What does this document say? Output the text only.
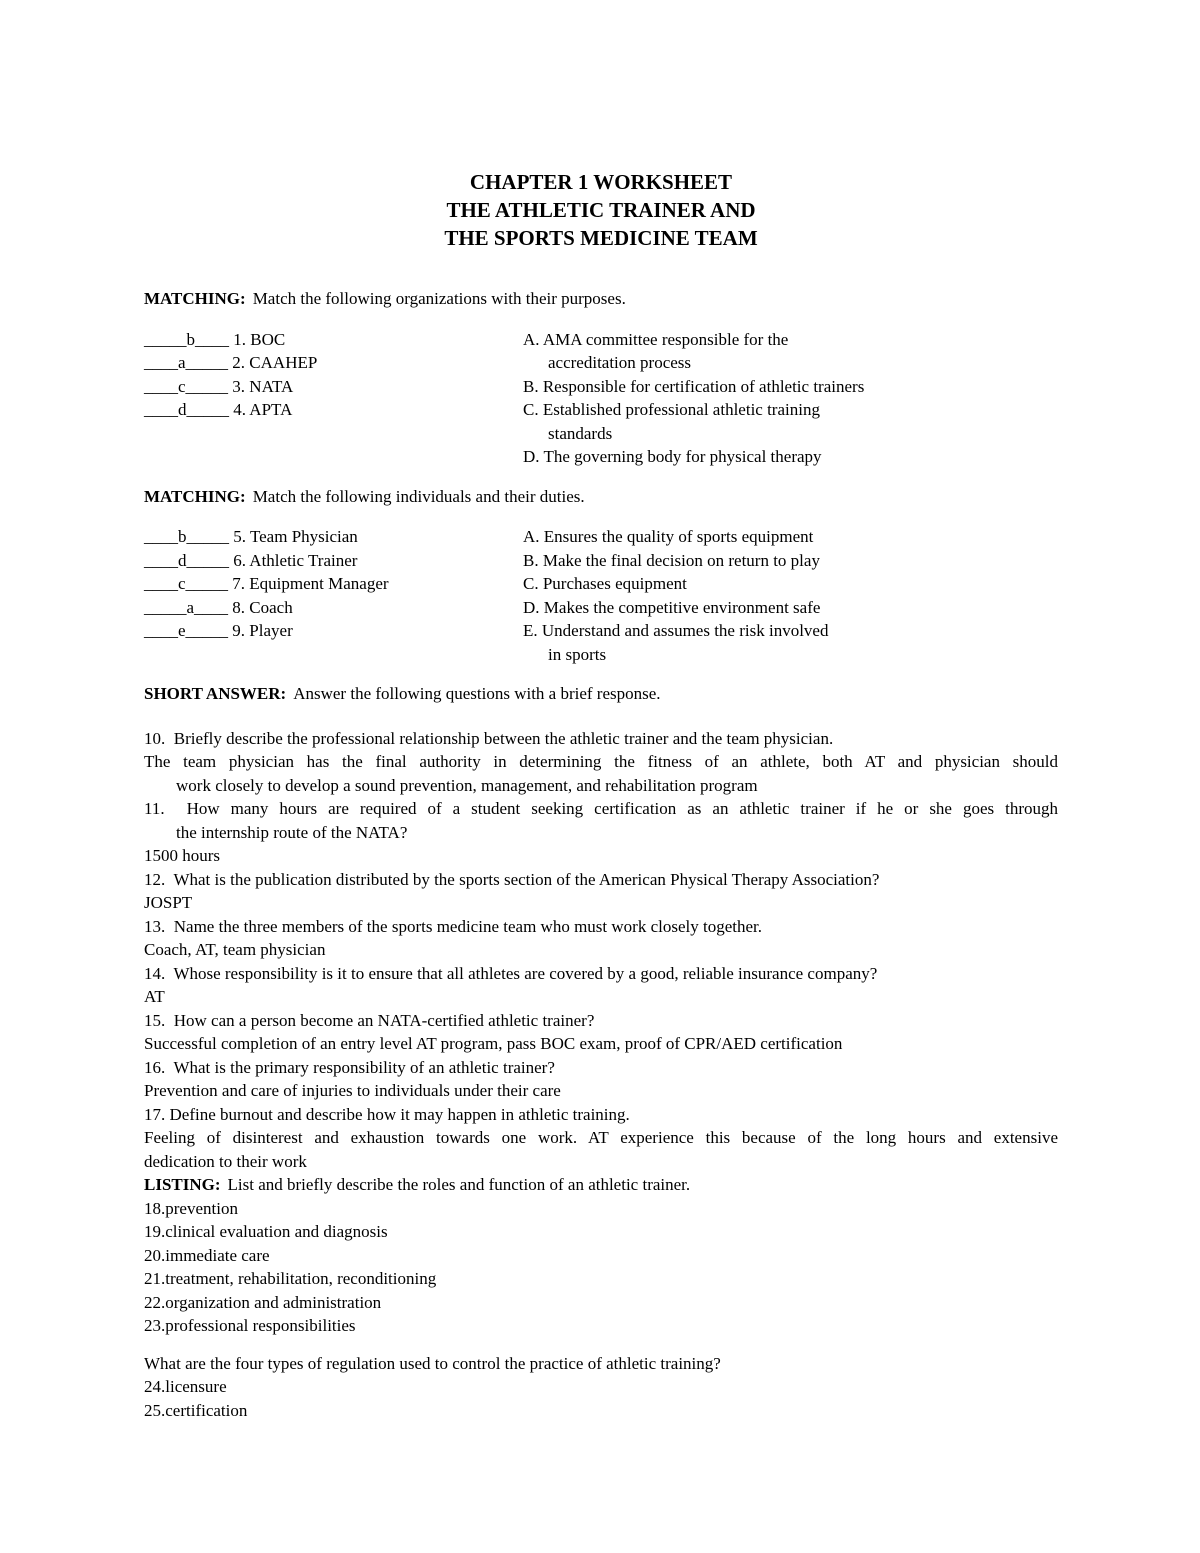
CHAPTER 1 WORKSHEET
THE ATHLETIC TRAINER AND
THE SPORTS MEDICINE TEAM

MATCHING: Match the following organizations with their purposes.

_____b____ 1. BOC
____a_____ 2. CAAHEP
____c_____ 3. NATA
____d_____ 4. APTA
A. AMA committee responsible for the
accreditation process
B. Responsible for certification of athletic trainers
C. Established professional athletic training
standards
D. The governing body for physical therapy

MATCHING: Match the following individuals and their duties.

____b_____ 5. Team Physician
____d_____ 6. Athletic Trainer
____c_____ 7. Equipment Manager
_____a____ 8. Coach
____e_____ 9. Player
A. Ensures the quality of sports equipment
B. Make the final decision on return to play
C. Purchases equipment
D. Makes the competitive environment safe
E. Understand and assumes the risk involved
in sports

SHORT ANSWER: Answer the following questions with a brief response.

10.  Briefly describe the professional relationship between the athletic trainer and the team physician.
The team physician has the final authority in determining the fitness of an athlete, both AT and physician should
work closely to develop a sound prevention, management, and rehabilitation program
11.  How many hours are required of a student seeking certification as an athletic trainer if he or she goes through
the internship route of the NATA?
1500 hours
12.  What is the publication distributed by the sports section of the American Physical Therapy Association?
JOSPT
13.  Name the three members of the sports medicine team who must work closely together.
Coach, AT, team physician
14.  Whose responsibility is it to ensure that all athletes are covered by a good, reliable insurance company?
AT
15.  How can a person become an NATA-certified athletic trainer?
Successful completion of an entry level AT program, pass BOC exam, proof of CPR/AED certification
16.  What is the primary responsibility of an athletic trainer?
Prevention and care of injuries to individuals under their care
17. Define burnout and describe how it may happen in athletic training.
Feeling of disinterest and exhaustion towards one work. AT experience this because of the long hours and extensive
dedication to their work

LISTING: List and briefly describe the roles and function of an athletic trainer.

18.prevention
19.clinical evaluation and diagnosis
20.immediate care
21.treatment, rehabilitation, reconditioning
22.organization and administration
23.professional responsibilities
What are the four types of regulation used to control the practice of athletic training?
24.licensure
25.certification
